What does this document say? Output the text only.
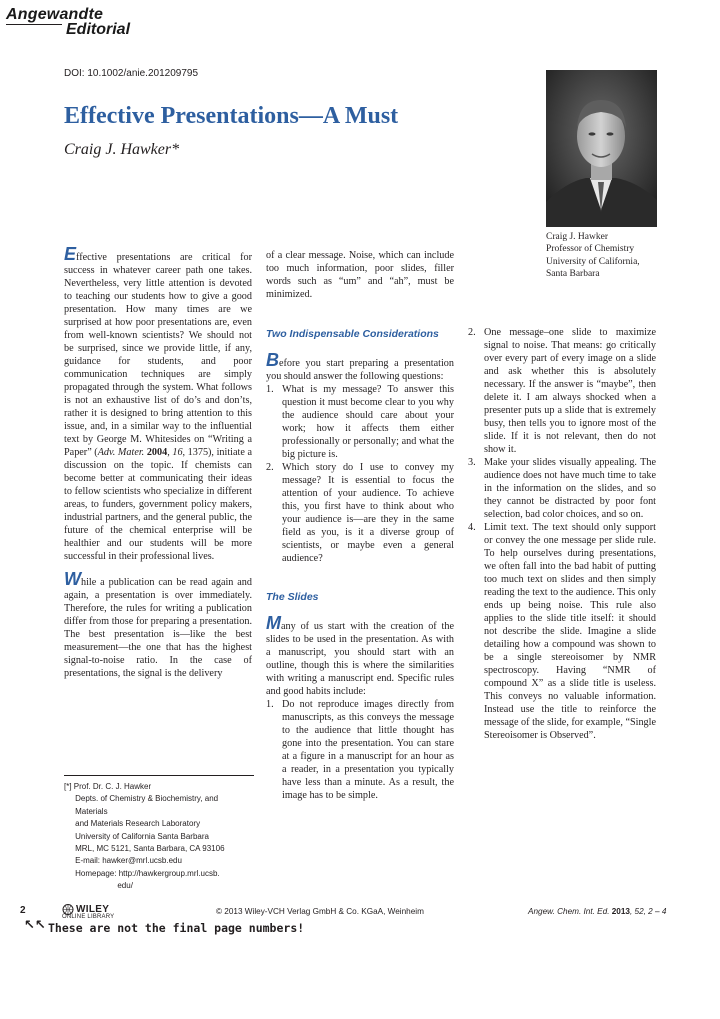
Angewandte
Editorial
DOI: 10.1002/anie.201209795
Effective Presentations—A Must
Craig J. Hawker*
Craig J. Hawker
Professor of Chemistry
University of California,
Santa Barbara

Effective presentations are critical for success in whatever career path one takes. Nevertheless, very little attention is devoted to teaching our students how to give a good presentation. How many times are we surprised at how poor presentations are, even from well-known scientists? We should not be surprised, since we provide little, if any, guidance for students, and poor communication techniques are simply propagated through the system. What follows is not an exhaustive list of do’s and don’ts, rather it is designed to bring attention to this issue, and, in a similar way to the influential text by George M. Whitesides on “Writing a Paper” (Adv. Mater. 2004, 16, 1375), initiate a discussion on the topic. If chemists can become better at communicating their ideas to fellow scientists who specialize in different areas, to funders, government policy makers, industrial partners, and the general public, the future of the chemical enterprise will be healthier and our students will be more successful in their professional lives.

While a publication can be read again and again, a presentation is over immediately. Therefore, the rules for writing a publication differ from those for preparing a presentation. The best presentation is—like the best measurement—the one that has the highest signal-to-noise ratio. In the case of presentations, the signal is the delivery

of a clear message. Noise, which can include too much information, poor slides, filler words such as “um” and “ah”, must be minimized.

Two Indispensable Considerations

Before you start preparing a presentation you should answer the following questions:

1. What is my message? To answer this question it must become clear to you why the audience should care about your work; how it affects them either professionally or personally; and what the big picture is.
2. Which story do I use to convey my message? It is essential to focus the attention of your audience. To achieve this, you first have to think about who your audience is—are they in the same field as you, is it a diverse group of scientists, or maybe even a general audience?
The Slides

Many of us start with the creation of the slides to be used in the presentation. As with a manuscript, you should start with an outline, though this is where the similarities with writing a manuscript end. Specific rules and good habits include:

1. Do not reproduce images directly from manuscripts, as this conveys the message to the audience that little thought has gone into the presentation. You can stare at a figure in a manuscript for an hour as a reader, in a presentation you typically have less than a minute. As a result, the image has to be simple.
2. One message–one slide to maximize signal to noise. That means: go critically over every part of every image on a slide and ask whether this is absolutely necessary. If the answer is “maybe”, then delete it. I am always shocked when a presenter puts up a slide that is extremely busy, then tells you to ignore most of the slide. If it is not relevant, then do not show it.
3. Make your slides visually appealing. The audience does not have much time to take in the information on the slides, and so they cannot be distracted by poor font selection, bad color choices, and so on.
4. Limit text. The text should only support or convey the one message per slide rule. To help ourselves during presentations, we often fall into the bad habit of putting too much text on slides and then simply reading the text to the audience. This only ends up being noise. This rule also applies to the slide title itself: it should not describe the slide. Imagine a slide detailing how a compound was shown to be a single stereoisomer by NMR spectroscopy. Having “NMR of compound X” as a slide title is useless. This conveys no valuable information. Instead use the title to reinforce the message of the slide, for example, “Single Stereoisomer is Observed”.
[*] Prof. Dr. C. J. Hawker
Depts. of Chemistry & Biochemistry, and
Materials
and Materials Research Laboratory
University of California Santa Barbara
MRL, MC 5121, Santa Barbara, CA 93106
E-mail: hawker@mrl.ucsb.edu
Homepage: http://hawkergroup.mrl.ucsb.
edu/
2	WILEY
ONLINE LIBRARY
© 2013 Wiley-VCH Verlag GmbH & Co. KGaA, Weinheim	Angew. Chem. Int. Ed. 2013, 52, 2 – 4
↖↖ These are not the final page numbers!
